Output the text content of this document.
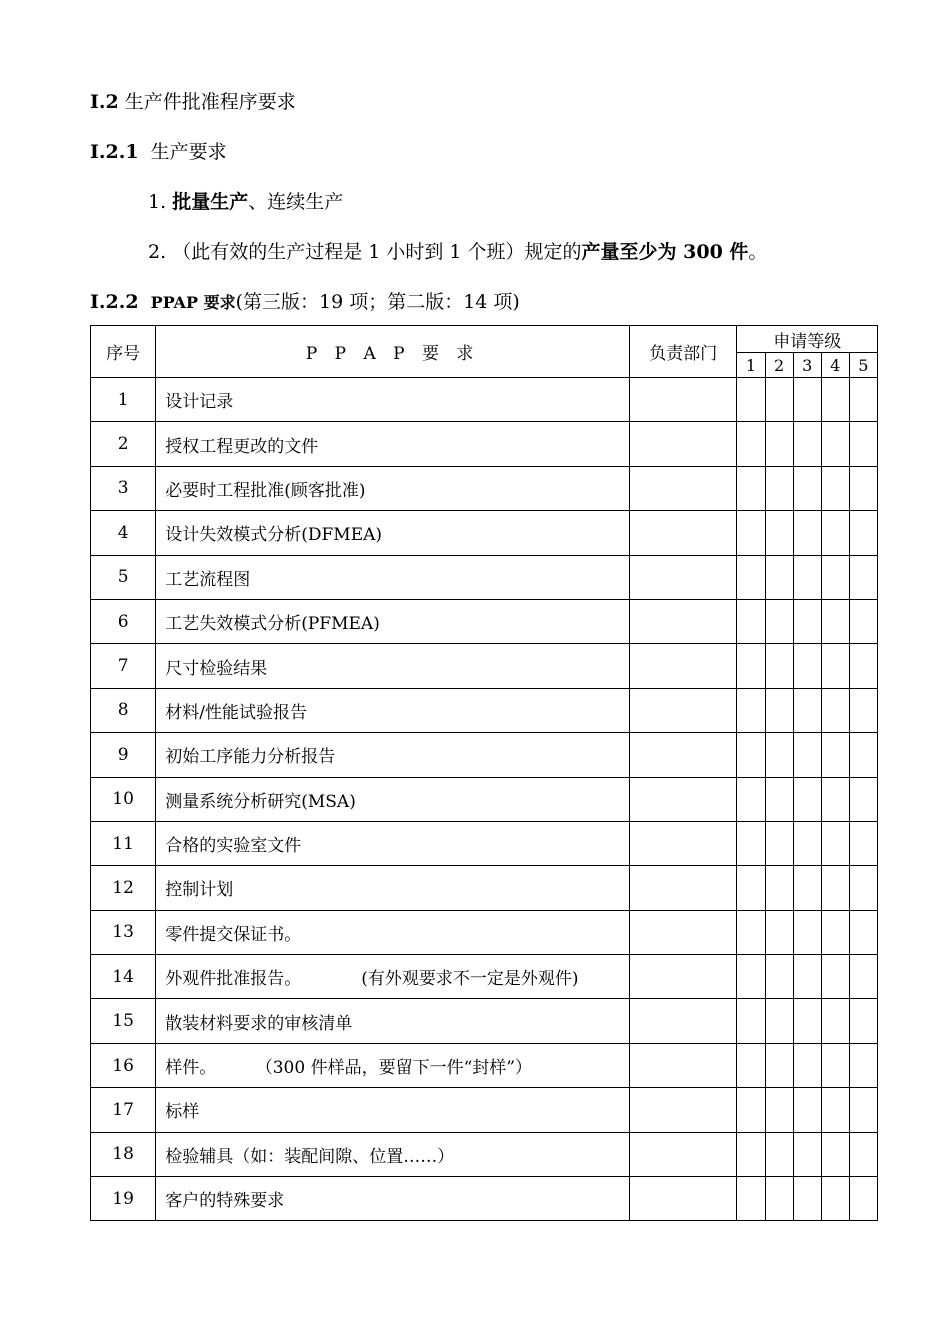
I.2 生产件批准程序要求
I.2.1 生产要求
1. 批量生产、连续生产
2. （此有效的生产过程是 1 小时到 1 个班）规定的产量至少为 300 件。
I.2.2 PPAP 要求(第三版：19 项；第二版：14 项)
序号	P P A P 要 求	负责部门	申请等级				
			1	2	3	4	5
1	设计记录						
2	授权工程更改的文件						
3	必要时工程批准(顾客批准)						
4	设计失效模式分析(DFMEA)						
5	工艺流程图						
6	工艺失效模式分析(PFMEA)						
7	尺寸检验结果						
8	材料/性能试验报告						
9	初始工序能力分析报告						
10	测量系统分析研究(MSA)						
11	合格的实验室文件						
12	控制计划						
13	零件提交保证书。						
14	外观件批准报告。 (有外观要求不一定是外观件)						
15	散装材料要求的审核清单						
16	样件。 （300 件样品，要留下一件“封样”）						
17	标样						
18	检验辅具（如：装配间隙、位置……）						
19	客户的特殊要求						
